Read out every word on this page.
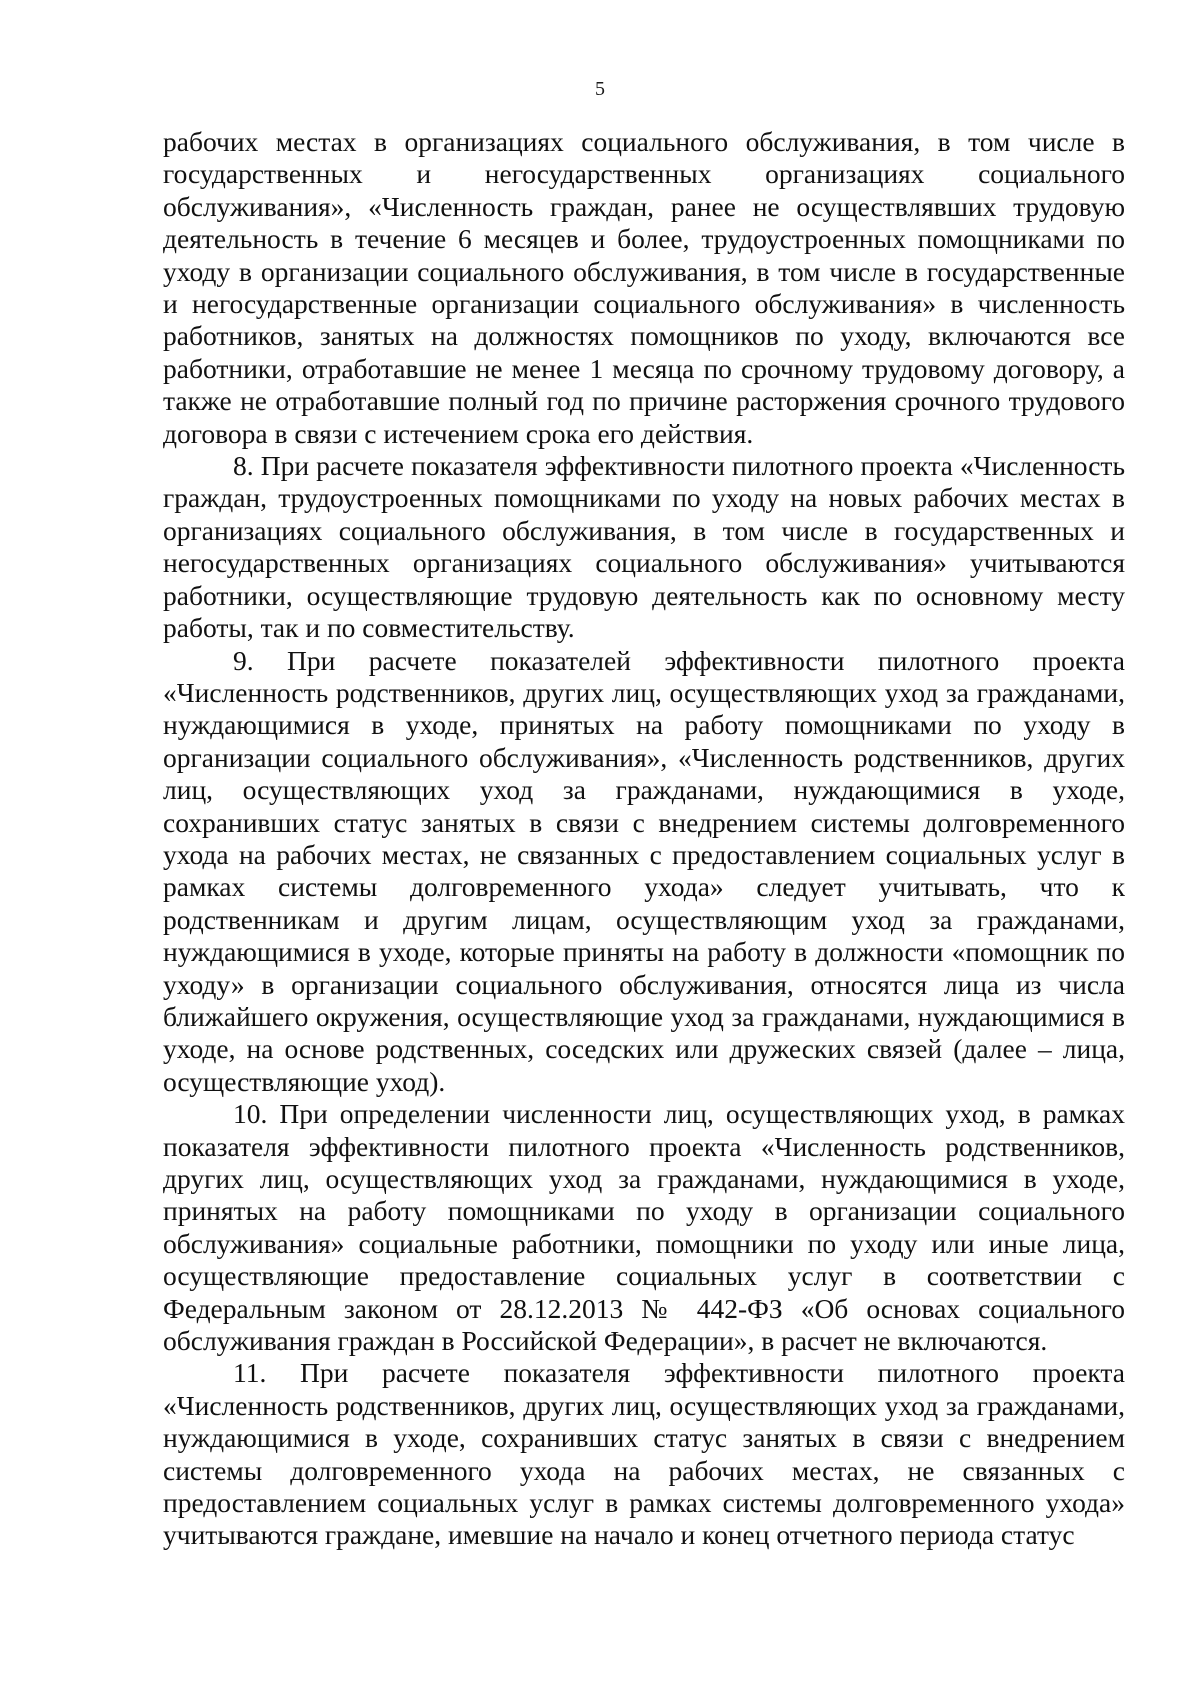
5

рабочих местах в организациях социального обслуживания, в том числе в государственных и негосударственных организациях социального обслуживания», «Численность граждан, ранее не осуществлявших трудовую деятельность в течение 6 месяцев и более, трудоустроенных помощниками по уходу в организации социального обслуживания, в том числе в государственные и негосударственные организации социального обслуживания» в численность работников, занятых на должностях помощников по уходу, включаются все работники, отработавшие не менее 1 месяца по срочному трудовому договору, а также не отработавшие полный год по причине расторжения срочного трудового договора в связи с истечением срока его действия.

8. При расчете показателя эффективности пилотного проекта «Численность граждан, трудоустроенных помощниками по уходу на новых рабочих местах в организациях социального обслуживания, в том числе в государственных и негосударственных организациях социального обслуживания» учитываются работники, осуществляющие трудовую деятельность как по основному месту работы, так и по совместительству.

9. При расчете показателей эффективности пилотного проекта «Численность родственников, других лиц, осуществляющих уход за гражданами, нуждающимися в уходе, принятых на работу помощниками по уходу в организации социального обслуживания», «Численность родственников, других лиц, осуществляющих уход за гражданами, нуждающимися в уходе, сохранивших статус занятых в связи с внедрением системы долговременного ухода на рабочих местах, не связанных с предоставлением социальных услуг в рамках системы долговременного ухода» следует учитывать, что к родственникам и другим лицам, осуществляющим уход за гражданами, нуждающимися в уходе, которые приняты на работу в должности «помощник по уходу» в организации социального обслуживания, относятся лица из числа ближайшего окружения, осуществляющие уход за гражданами, нуждающимися в уходе, на основе родственных, соседских или дружеских связей (далее – лица, осуществляющие уход).

10. При определении численности лиц, осуществляющих уход, в рамках показателя эффективности пилотного проекта «Численность родственников, других лиц, осуществляющих уход за гражданами, нуждающимися в уходе, принятых на работу помощниками по уходу в организации социального обслуживания» социальные работники, помощники по уходу или иные лица, осуществляющие предоставление социальных услуг в соответствии с Федеральным законом от 28.12.2013 № 442-ФЗ «Об основах социального обслуживания граждан в Российской Федерации», в расчет не включаются.

11. При расчете показателя эффективности пилотного проекта «Численность родственников, других лиц, осуществляющих уход за гражданами, нуждающимися в уходе, сохранивших статус занятых в связи с внедрением системы долговременного ухода на рабочих местах, не связанных с предоставлением социальных услуг в рамках системы долговременного ухода» учитываются граждане, имевшие на начало и конец отчетного периода статус
